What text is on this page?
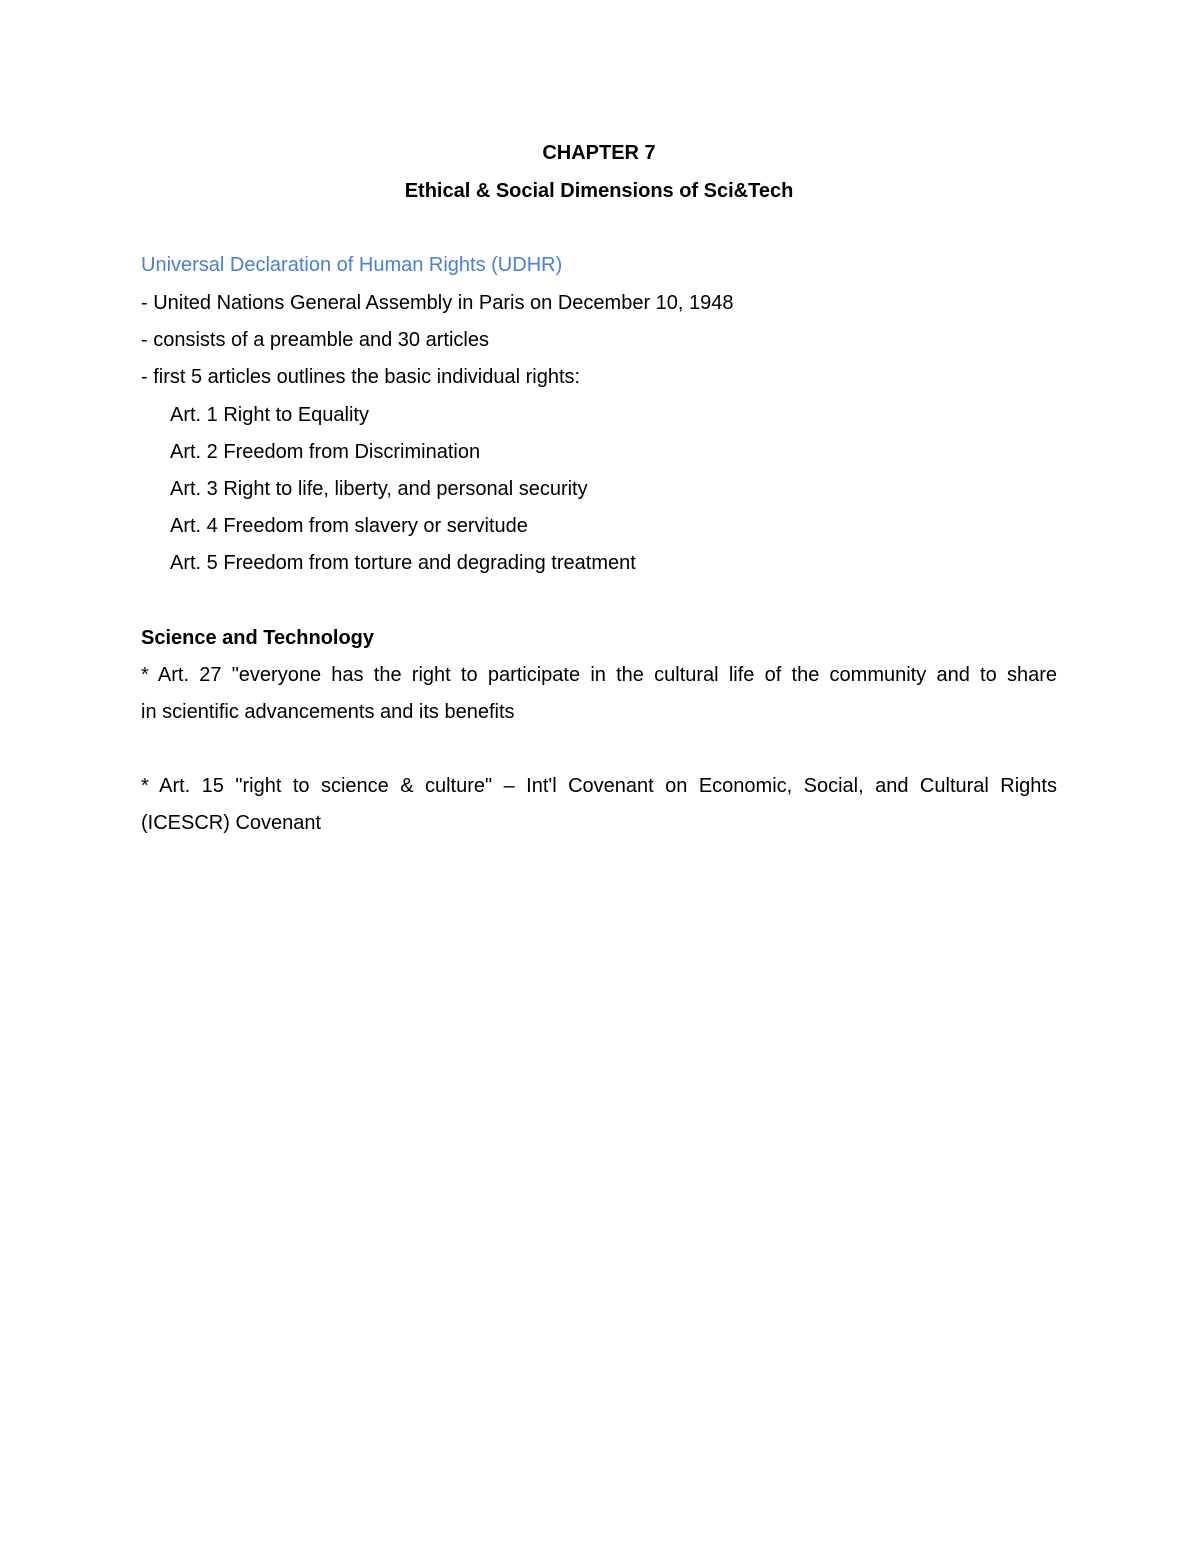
CHAPTER 7
Ethical & Social Dimensions of Sci&Tech
Universal Declaration of Human Rights (UDHR)
- United Nations General Assembly in Paris on December 10, 1948
- consists of a preamble and 30 articles
- first 5 articles outlines the basic individual rights:
Art. 1 Right to Equality
Art. 2 Freedom from Discrimination
Art. 3 Right to life, liberty, and personal security
Art. 4 Freedom from slavery or servitude
Art. 5 Freedom from torture and degrading treatment
Science and Technology
* Art. 27 "everyone has the right to participate in the cultural life of the community and to share
in scientific advancements and its benefits
* Art. 15 "right to science & culture" – Int'l Covenant on Economic, Social, and Cultural Rights
(ICESCR) Covenant
